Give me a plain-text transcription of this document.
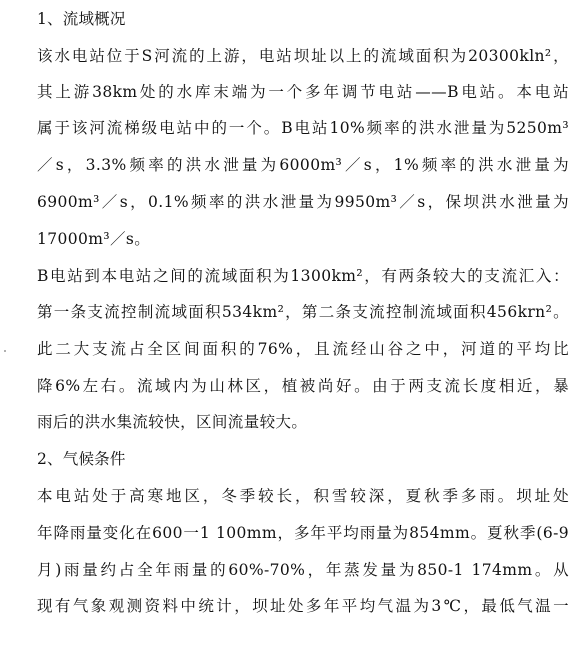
1、流域概况
该水电站位于S河流的上游，电站坝址以上的流域面积为20300kln²，
其上游38km处的水库末端为一个多年调节电站——B电站。本电站
属于该河流梯级电站中的一个。B电站10%频率的洪水泄量为5250m³
／s，3.3%频率的洪水泄量为6000m³／s，1%频率的洪水泄量为
6900m³／s，0.1%频率的洪水泄量为9950m³／s，保坝洪水泄量为
17000m³／s。
B电站到本电站之间的流域面积为1300km²，有两条较大的支流汇入：
第一条支流控制流域面积534km²，第二条支流控制流域面积456krn²。
此二大支流占全区间面积的76%，且流经山谷之中，河道的平均比
降6%左右。流域内为山林区，植被尚好。由于两支流长度相近，暴
雨后的洪水集流较快，区间流量较大。
2、气候条件
本电站处于高寒地区，冬季较长，积雪较深，夏秋季多雨。坝址处
年降雨量变化在600一1 100mm，多年平均雨量为854mm。夏秋季(6-9
月)雨量约占全年雨量的60%-70%，年蒸发量为850-1 174mm。从
现有气象观测资料中统计，坝址处多年平均气温为3℃，最低气温一
